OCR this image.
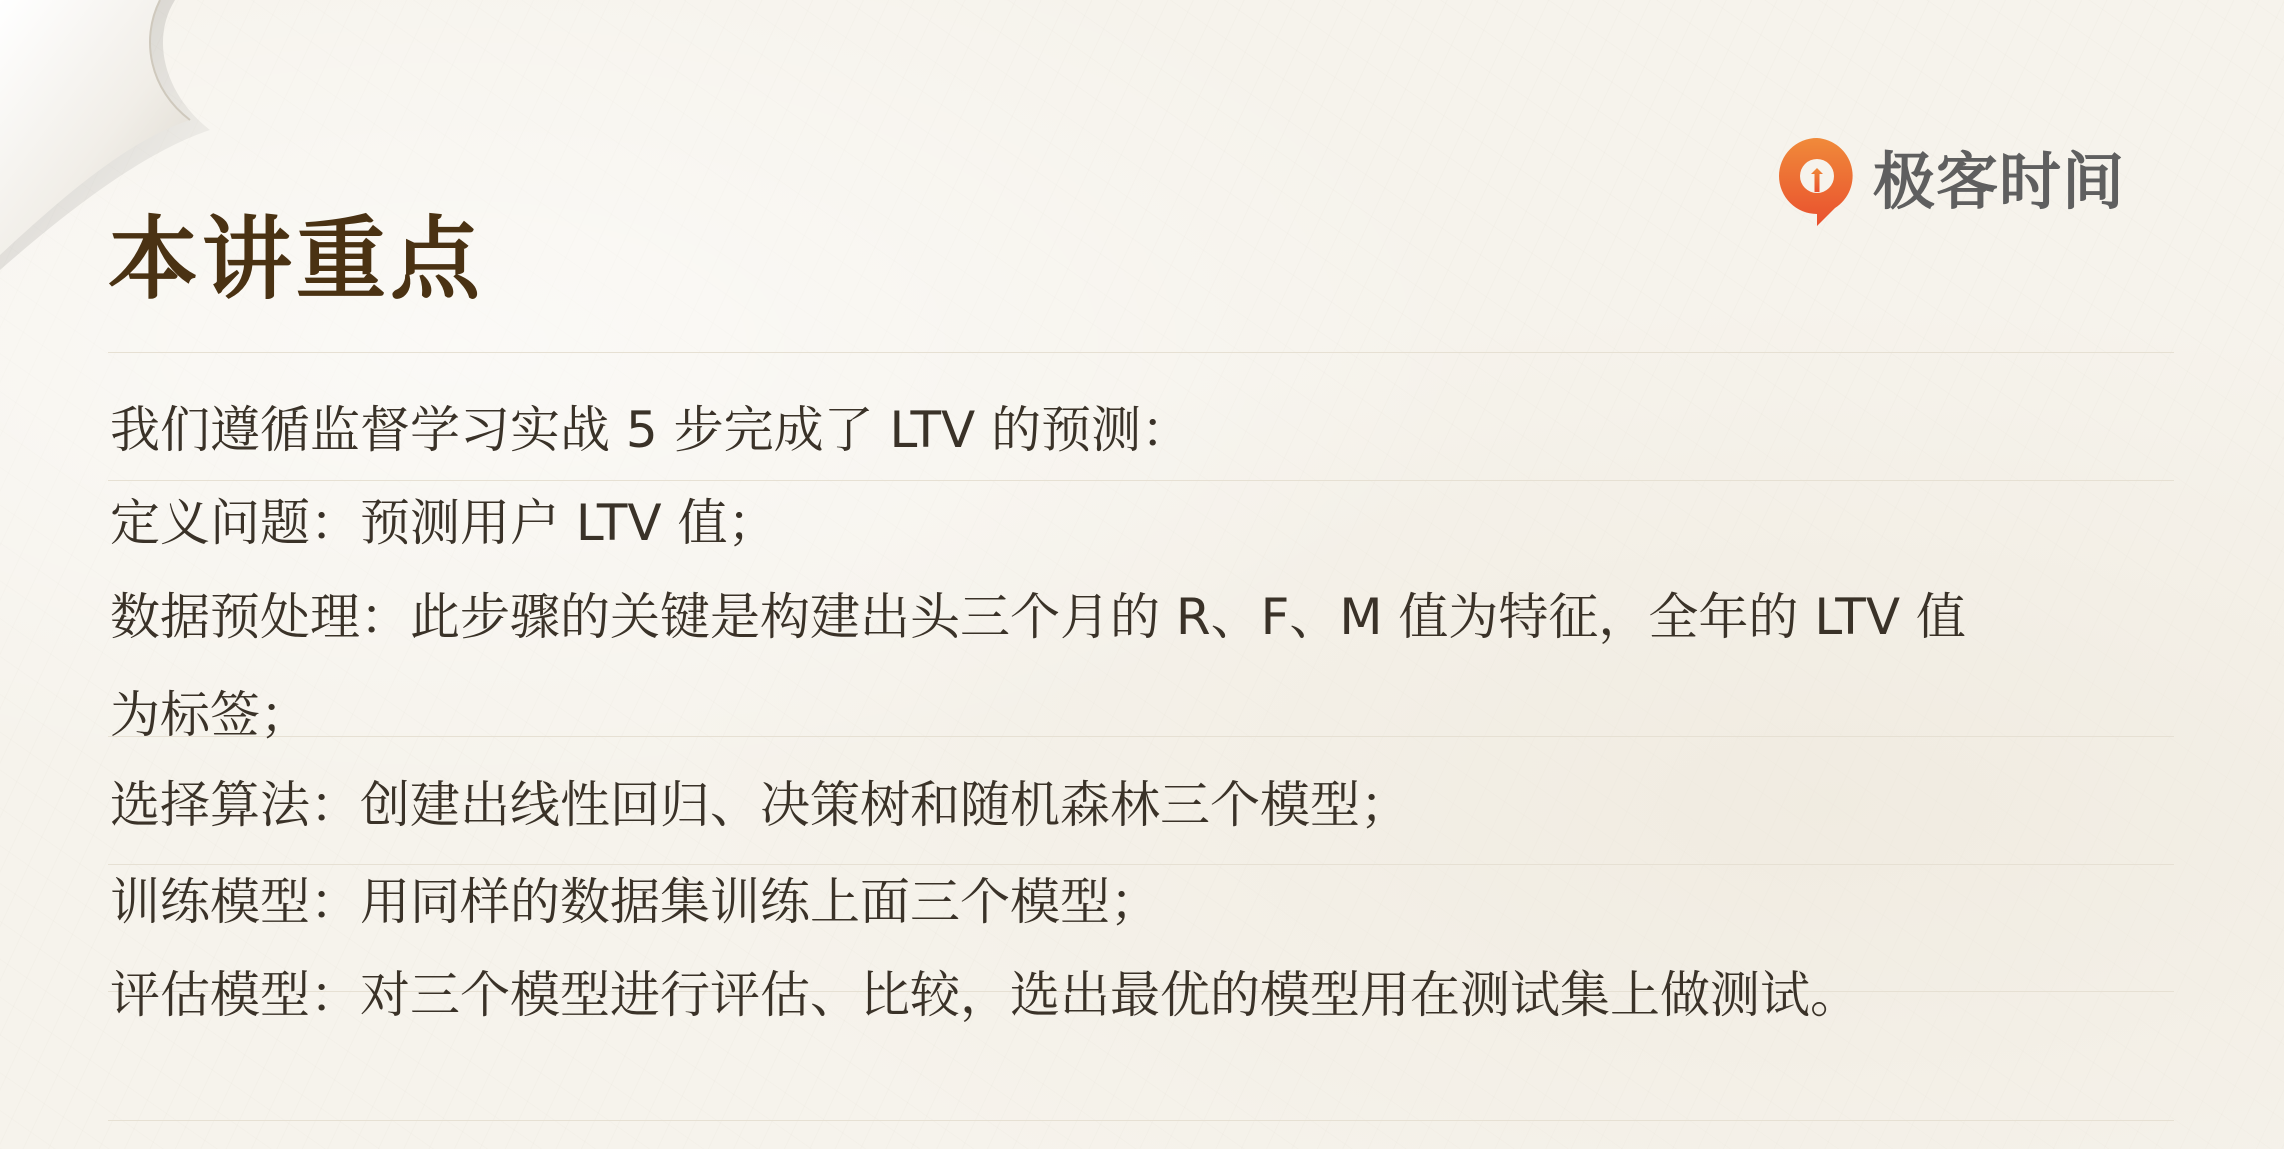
极客时间
本讲重点
我们遵循监督学习实战 5 步完成了 LTV 的预测：
定义问题：预测用户 LTV 值；
数据预处理：此步骤的关键是构建出头三个月的 R、F、M 值为特征，全年的 LTV 值
为标签；
选择算法：创建出线性回归、决策树和随机森林三个模型；
训练模型：用同样的数据集训练上面三个模型；
评估模型：对三个模型进行评估、比较，选出最优的模型用在测试集上做测试。
